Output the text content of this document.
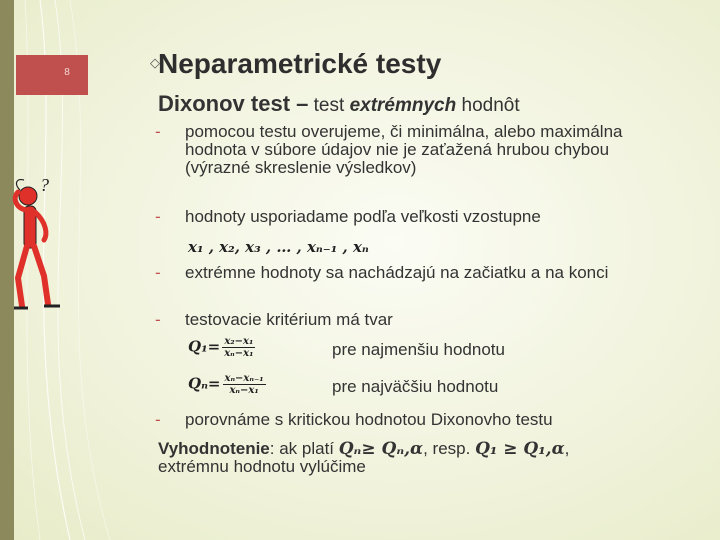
8
◇
Neparametrické testy
Dixonov test – test extrémnych hodnôt
-	pomocou testu overujeme, či minimálna, alebo maximálna hodnota v súbore údajov nie je zaťažená hrubou chybou (výrazné skreslenie výsledkov)
-	hodnoty usporiadame podľa veľkosti vzostupne
x₁ , x₂, x₃ , … , xₙ₋₁ , xₙ
-	extrémne hodnoty sa nachádzajú na začiatku a na konci
-	testovacie kritérium má tvar
$Q_1= \frac{\text{x₂−x₁}}{\text{xₙ−x₁}}$	pre najmenšiu hodnotu
$Q_n= \frac{\text{xₙ−xₙ₋₁}}{\text{xₙ−x₁}}$	pre najväčšiu hodnotu
-	porovnáme s kritickou hodnotou Dixonovho testu
Vyhodnotenie: ak platí Qₙ≥ Qₙ,α, resp. Q₁ ≥ Q₁,α, extrémnu hodnotu vylúčime
?
